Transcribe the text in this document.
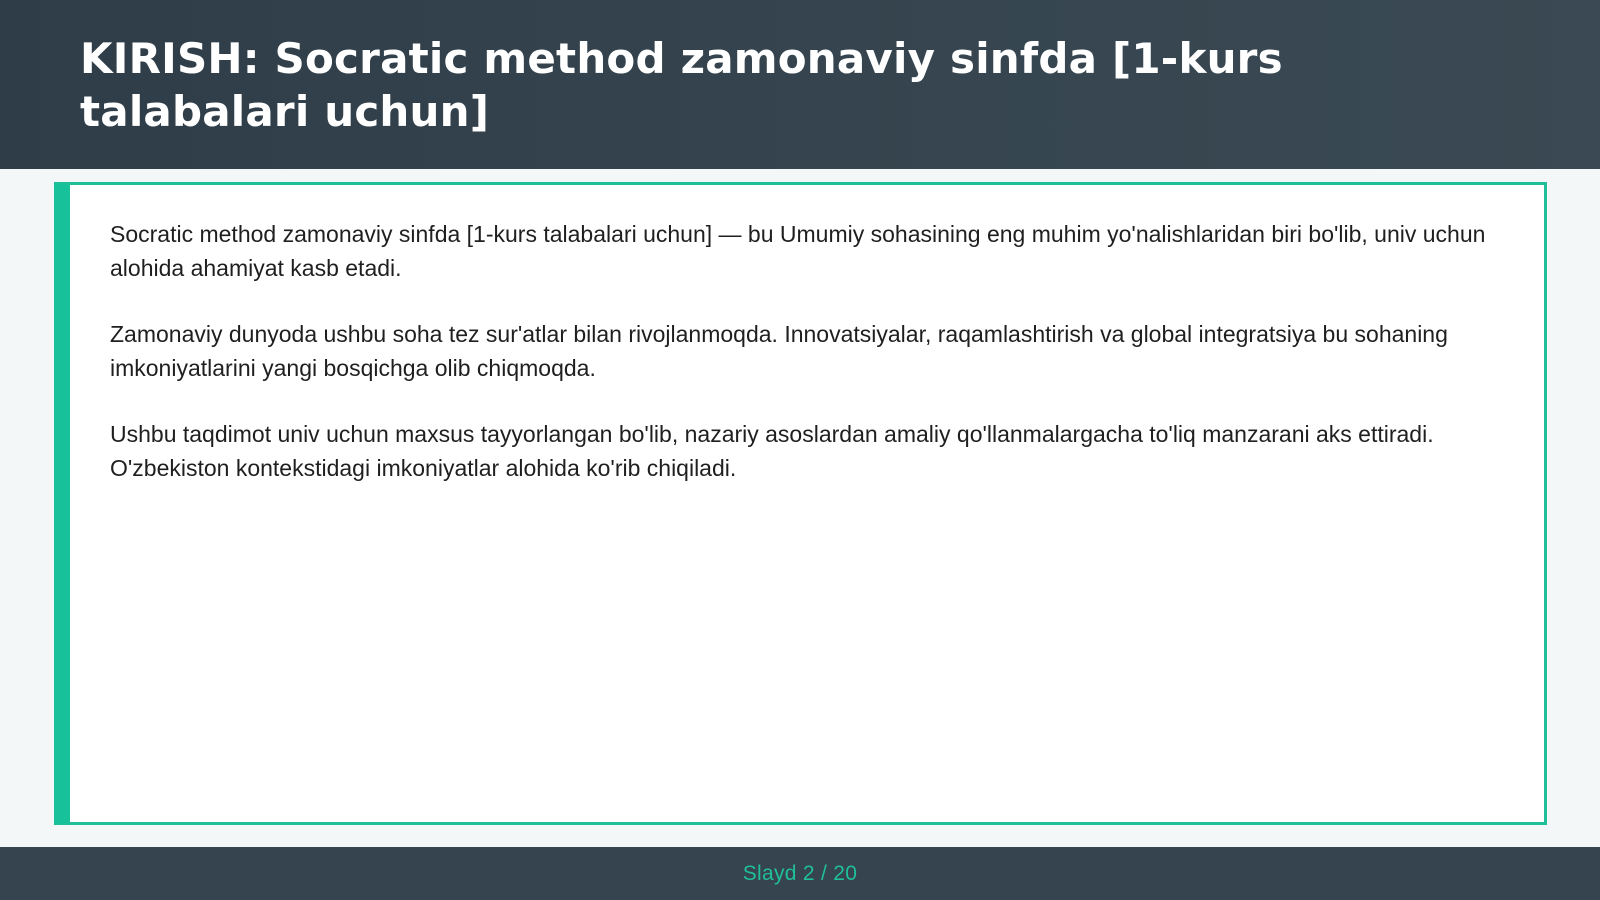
KIRISH: Socratic method zamonaviy sinfda [1-kurs talabalari uchun]

Socratic method zamonaviy sinfda [1-kurs talabalari uchun] — bu Umumiy sohasining eng muhim yo'nalishlaridan biri bo'lib, univ uchun alohida ahamiyat kasb etadi.

Zamonaviy dunyoda ushbu soha tez sur'atlar bilan rivojlanmoqda. Innovatsiyalar, raqamlashtirish va global integratsiya bu sohaning imkoniyatlarini yangi bosqichga olib chiqmoqda.

Ushbu taqdimot univ uchun maxsus tayyorlangan bo'lib, nazariy asoslardan amaliy qo'llanmalargacha to'liq manzarani aks ettiradi. O'zbekiston kontekstidagi imkoniyatlar alohida ko'rib chiqiladi.

Slayd 2 / 20
